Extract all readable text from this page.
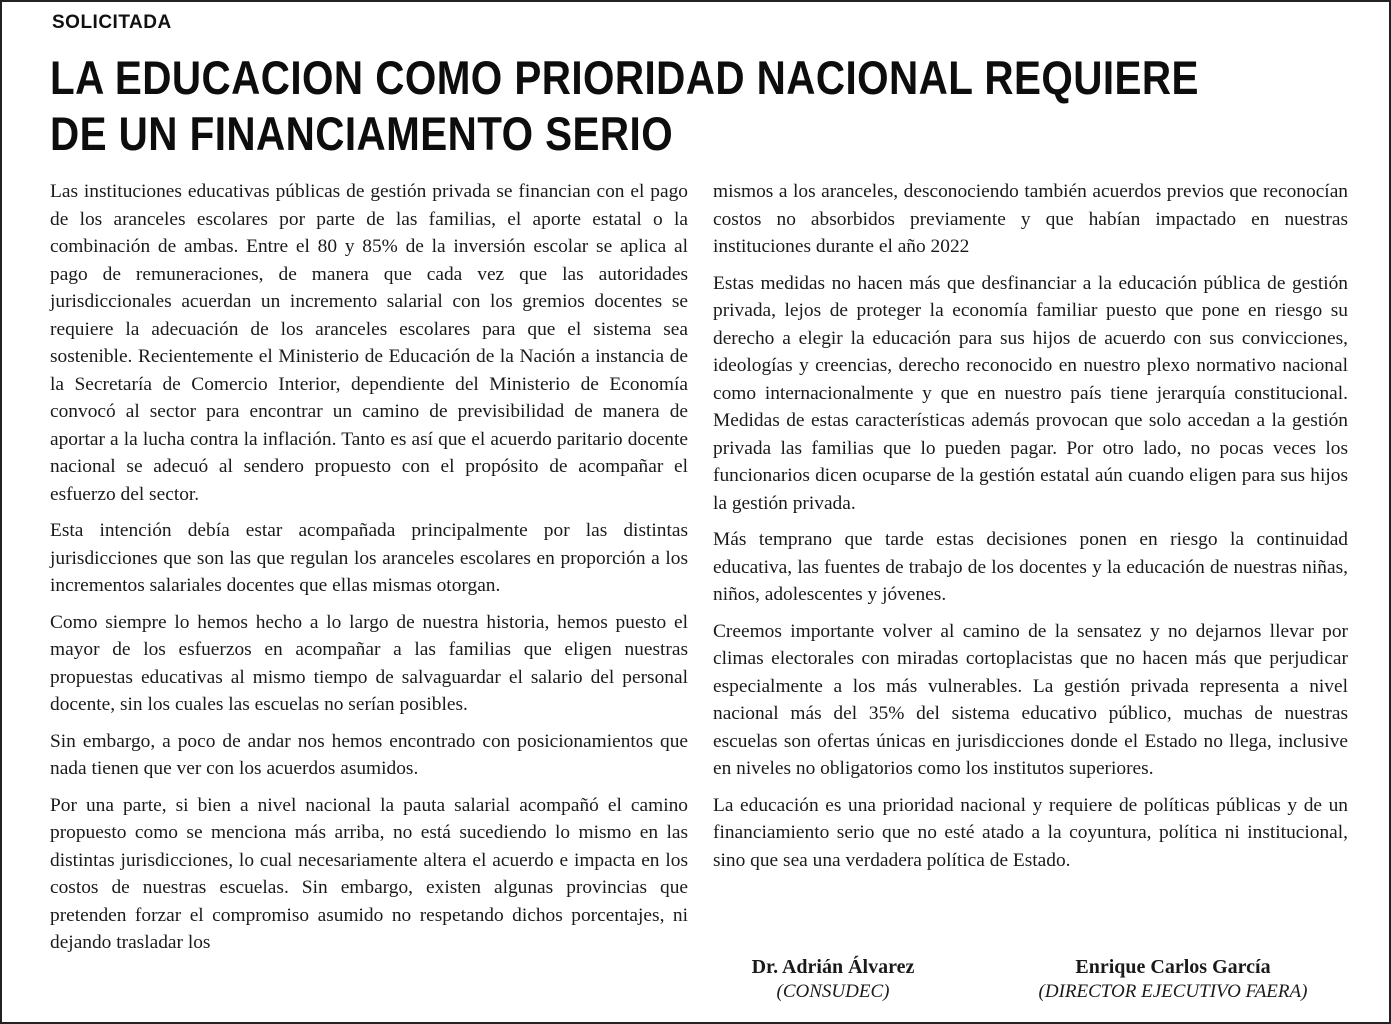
SOLICITADA
LA EDUCACION COMO PRIORIDAD NACIONAL REQUIERE
DE UN FINANCIAMENTO SERIO

Las instituciones educativas públicas de gestión privada se financian con el pago de los aranceles escolares por parte de las familias, el aporte estatal o la combinación de ambas. Entre el 80 y 85% de la inversión escolar se aplica al pago de remuneraciones, de manera que cada vez que las autoridades jurisdiccionales acuerdan un incremento salarial con los gremios docentes se requiere la adecuación de los aranceles escolares para que el sistema sea sostenible. Recientemente el Ministerio de Educación de la Nación a instancia de la Secretaría de Comercio Interior, dependiente del Ministerio de Economía convocó al sector para encontrar un camino de previsibilidad de manera de aportar a la lucha contra la inflación. Tanto es así que el acuerdo paritario docente nacional se adecuó al sendero propuesto con el propósito de acompañar el esfuerzo del sector.

Esta intención debía estar acompañada principalmente por las distintas jurisdicciones que son las que regulan los aranceles escolares en proporción a los incrementos salariales docentes que ellas mismas otorgan.

Como siempre lo hemos hecho a lo largo de nuestra historia, hemos puesto el mayor de los esfuerzos en acompañar a las familias que eligen nuestras propuestas educativas al mismo tiempo de salvaguardar el salario del personal docente, sin los cuales las escuelas no serían posibles.

Sin embargo, a poco de andar nos hemos encontrado con posicionamientos que nada tienen que ver con los acuerdos asumidos.

Por una parte, si bien a nivel nacional la pauta salarial acompañó el camino propuesto como se menciona más arriba, no está sucediendo lo mismo en las distintas jurisdicciones, lo cual necesariamente altera el acuerdo e impacta en los costos de nuestras escuelas. Sin embargo, existen algunas provincias que pretenden forzar el compromiso asumido no respetando dichos porcentajes, ni dejando trasladar los

mismos a los aranceles, desconociendo también acuerdos previos que reconocían costos no absorbidos previamente y que habían impactado en nuestras instituciones durante el año 2022

Estas medidas no hacen más que desfinanciar a la educación pública de gestión privada, lejos de proteger la economía familiar puesto que pone en riesgo su derecho a elegir la educación para sus hijos de acuerdo con sus convicciones, ideologías y creencias, derecho reconocido en nuestro plexo normativo nacional como internacionalmente y que en nuestro país tiene jerarquía constitucional. Medidas de estas características además provocan que solo accedan a la gestión privada las familias que lo pueden pagar. Por otro lado, no pocas veces los funcionarios dicen ocuparse de la gestión estatal aún cuando eligen para sus hijos la gestión privada.

Más temprano que tarde estas decisiones ponen en riesgo la continuidad educativa, las fuentes de trabajo de los docentes y la educación de nuestras niñas, niños, adolescentes y jóvenes.

Creemos importante volver al camino de la sensatez y no dejarnos llevar por climas electorales con miradas cortoplacistas que no hacen más que perjudicar especialmente a los más vulnerables. La gestión privada representa a nivel nacional más del 35% del sistema educativo público, muchas de nuestras escuelas son ofertas únicas en jurisdicciones donde el Estado no llega, inclusive en niveles no obligatorios como los institutos superiores.

La educación es una prioridad nacional y requiere de políticas públicas y de un financiamiento serio que no esté atado a la coyuntura, política ni institucional, sino que sea una verdadera política de Estado.

Dr. Adrián Álvarez
(CONSUDEC)
Enrique Carlos García
(DIRECTOR EJECUTIVO FAERA)
